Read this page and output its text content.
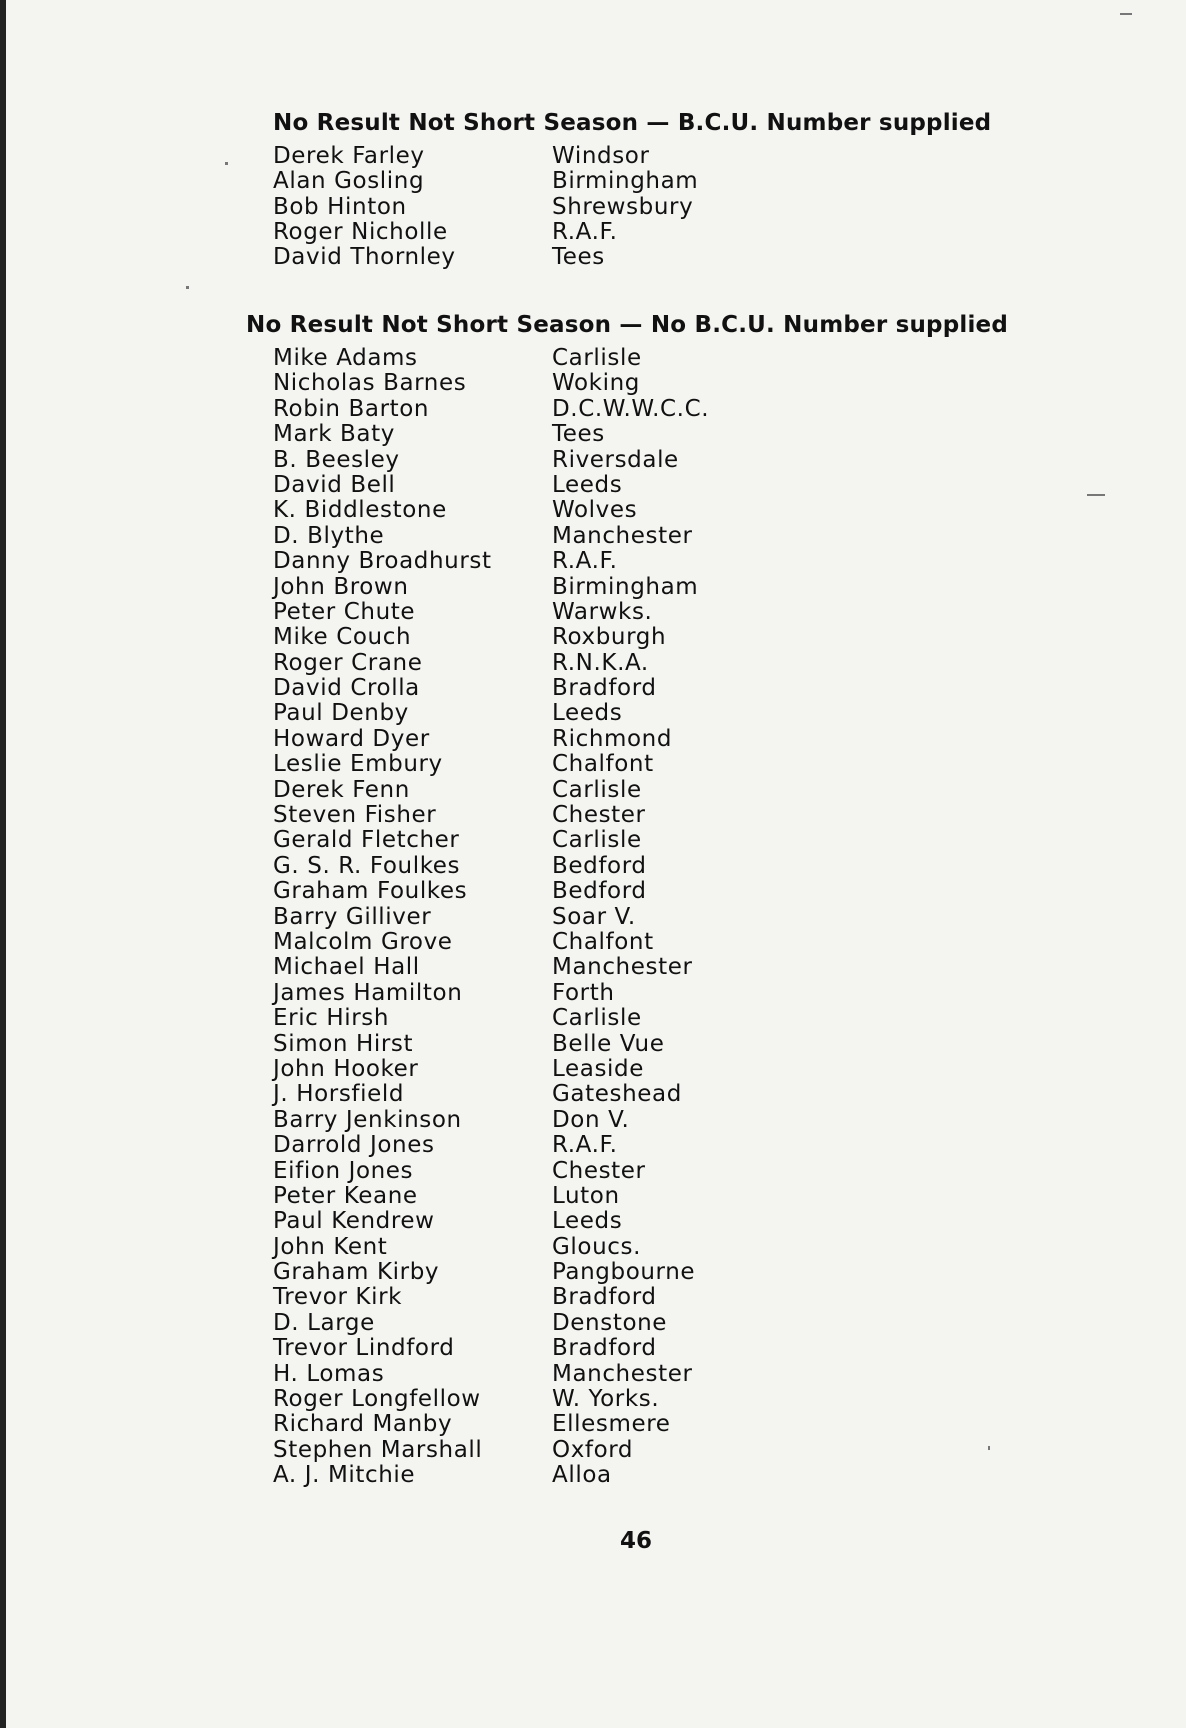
No Result Not Short Season — B.C.U. Number supplied
Derek Farley	Windsor
Alan Gosling	Birmingham
Bob Hinton	Shrewsbury
Roger Nicholle	R.A.F.
David Thornley	Tees
No Result Not Short Season — No B.C.U. Number supplied
Mike Adams	Carlisle
Nicholas Barnes	Woking
Robin Barton	D.C.W.W.C.C.
Mark Baty	Tees
B. Beesley	Riversdale
David Bell	Leeds
K. Biddlestone	Wolves
D. Blythe	Manchester
Danny Broadhurst	R.A.F.
John Brown	Birmingham
Peter Chute	Warwks.
Mike Couch	Roxburgh
Roger Crane	R.N.K.A.
David Crolla	Bradford
Paul Denby	Leeds
Howard Dyer	Richmond
Leslie Embury	Chalfont
Derek Fenn	Carlisle
Steven Fisher	Chester
Gerald Fletcher	Carlisle
G. S. R. Foulkes	Bedford
Graham Foulkes	Bedford
Barry Gilliver	Soar V.
Malcolm Grove	Chalfont
Michael Hall	Manchester
James Hamilton	Forth
Eric Hirsh	Carlisle
Simon Hirst	Belle Vue
John Hooker	Leaside
J. Horsfield	Gateshead
Barry Jenkinson	Don V.
Darrold Jones	R.A.F.
Eifion Jones	Chester
Peter Keane	Luton
Paul Kendrew	Leeds
John Kent	Gloucs.
Graham Kirby	Pangbourne
Trevor Kirk	Bradford
D. Large	Denstone
Trevor Lindford	Bradford
H. Lomas	Manchester
Roger Longfellow	W. Yorks.
Richard Manby	Ellesmere
Stephen Marshall	Oxford
A. J. Mitchie	Alloa
46
